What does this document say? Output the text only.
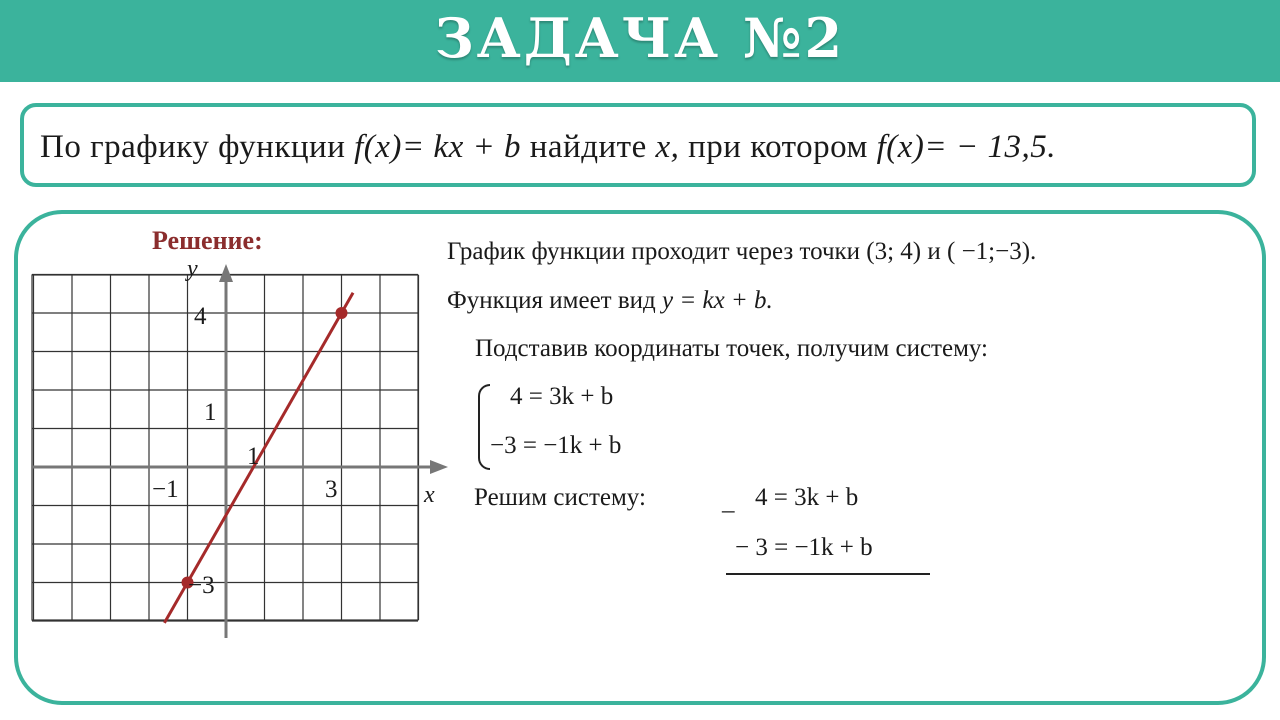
ЗАДАЧА №2
По графику функции f(x)= kx + b найдите x, при котором f(x)= − 13,5.
Решение:
y
x
4
1
1
−1	3
−3
График функции проходит через точки (3; 4) и ( −1;−3).
Функция имеет вид y = kx + b.
Подставив координаты точек, получим систему:
4 = 3k + b
−3 = −1k + b
Решим систему:	_ 4 = 3k + b
− 3 = −1k + b
